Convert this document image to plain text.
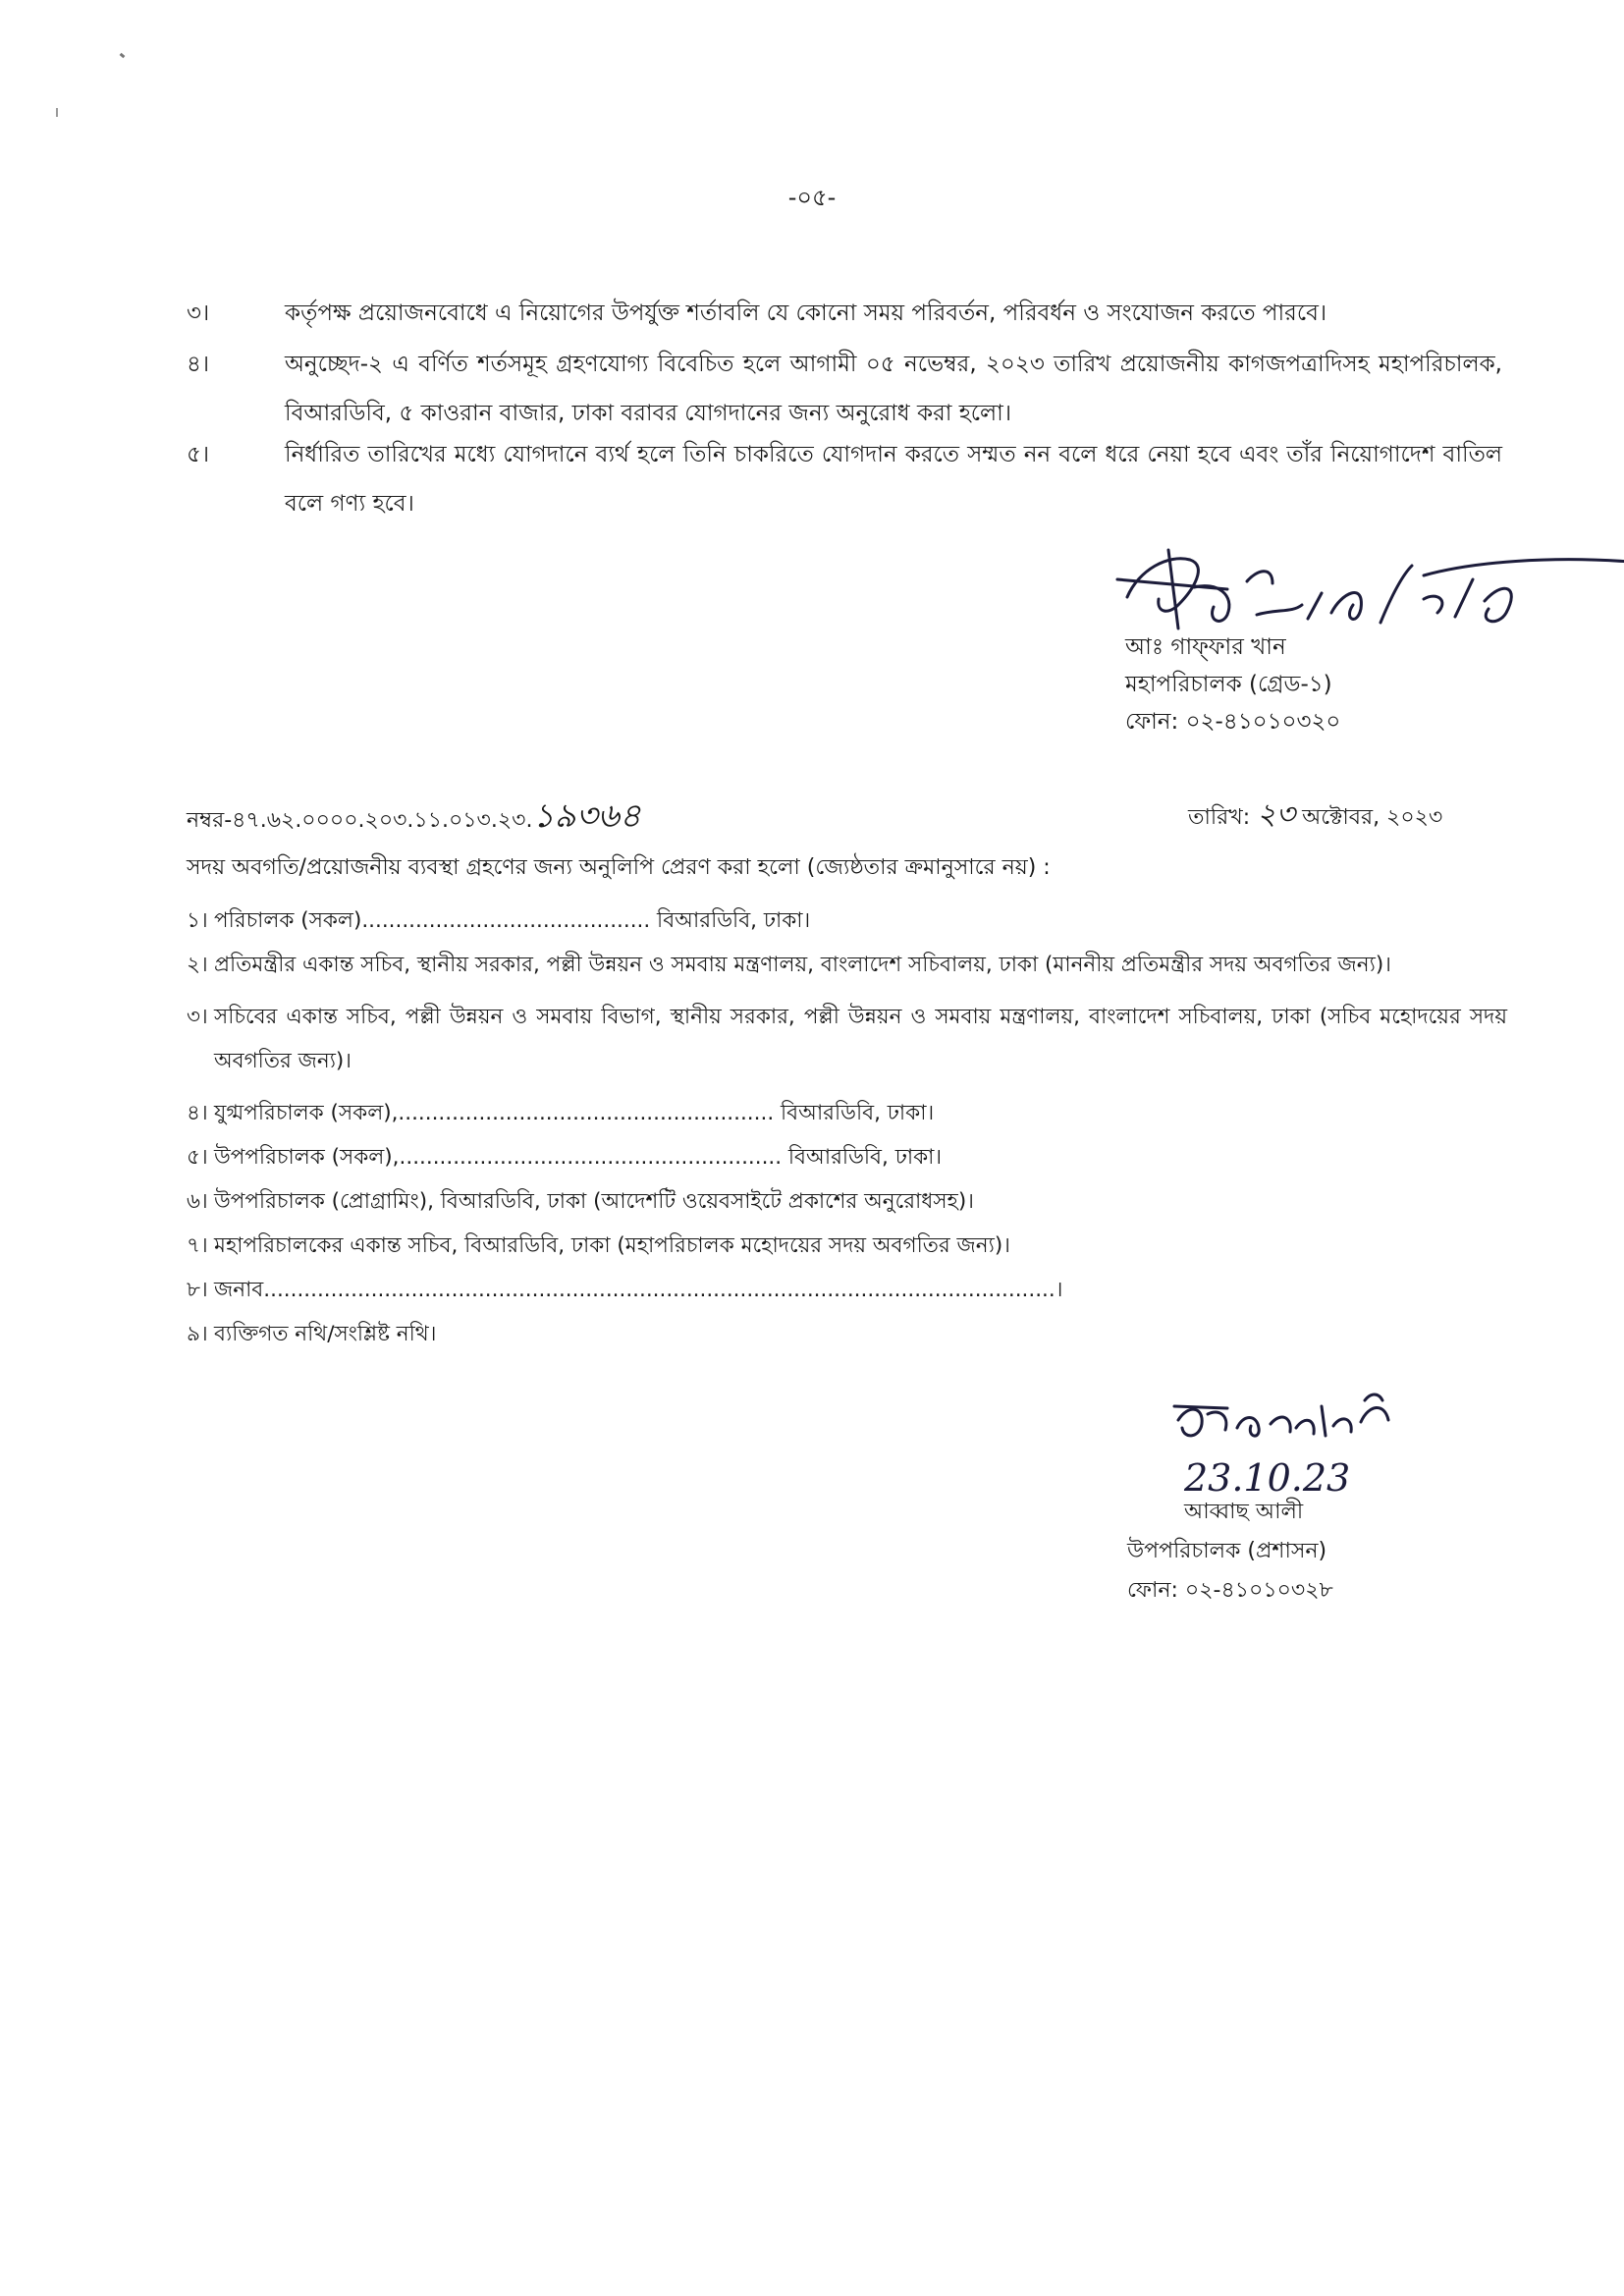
-০৫-
৩।	কর্তৃপক্ষ প্রয়োজনবোধে এ নিয়োগের উপর্যুক্ত শর্তাবলি যে কোনো সময় পরিবর্তন, পরিবর্ধন ও সংযোজন করতে পারবে।
৪।	অনুচ্ছেদ-২ এ বর্ণিত শর্তসমূহ গ্রহণযোগ্য বিবেচিত হলে আগামী ০৫ নভেম্বর, ২০২৩ তারিখ প্রয়োজনীয় কাগজপত্রাদিসহ মহাপরিচালক, বিআরডিবি, ৫ কাওরান বাজার, ঢাকা বরাবর যোগদানের জন্য অনুরোধ করা হলো।
৫।	নির্ধারিত তারিখের মধ্যে যোগদানে ব্যর্থ হলে তিনি চাকরিতে যোগদান করতে সম্মত নন বলে ধরে নেয়া হবে এবং তাঁর নিয়োগাদেশ বাতিল বলে গণ্য হবে।
আঃ গাফ্ফার খান
মহাপরিচালক (গ্রেড-১)
ফোন: ০২-৪১০১০৩২০
নম্বর-৪৭.৬২.০০০০.২০৩.১১.০১৩.২৩.১৯৩৬৪	তারিখ: ২৩ অক্টোবর, ২০২৩
সদয় অবগতি/প্রয়োজনীয় ব্যবস্থা গ্রহণের জন্য অনুলিপি প্রেরণ করা হলো (জ্যেষ্ঠতার ক্রমানুসারে নয়) :
১। পরিচালক (সকল)........................................... বিআরডিবি, ঢাকা।
২। প্রতিমন্ত্রীর একান্ত সচিব, স্থানীয় সরকার, পল্লী উন্নয়ন ও সমবায় মন্ত্রণালয়, বাংলাদেশ সচিবালয়, ঢাকা (মাননীয় প্রতিমন্ত্রীর সদয় অবগতির জন্য)।
৩। সচিবের একান্ত সচিব, পল্লী উন্নয়ন ও সমবায় বিভাগ, স্থানীয় সরকার, পল্লী উন্নয়ন ও সমবায় মন্ত্রণালয়, বাংলাদেশ সচিবালয়, ঢাকা (সচিব মহোদয়ের সদয় অবগতির জন্য)।
৪। যুগ্মপরিচালক (সকল),........................................................ বিআরডিবি, ঢাকা।
৫। উপপরিচালক (সকল),......................................................... বিআরডিবি, ঢাকা।
৬। উপপরিচালক (প্রোগ্রামিং), বিআরডিবি, ঢাকা (আদেশটি ওয়েবসাইটে প্রকাশের অনুরোধসহ)।
৭। মহাপরিচালকের একান্ত সচিব, বিআরডিবি, ঢাকা (মহাপরিচালক মহোদয়ের সদয় অবগতির জন্য)।
৮। জনাব......................................................................................................................।
৯। ব্যক্তিগত নথি/সংশ্লিষ্ট নথি।
23.10.23
আব্বাছ আলী
উপপরিচালক (প্রশাসন)
ফোন: ০২-৪১০১০৩২৮
